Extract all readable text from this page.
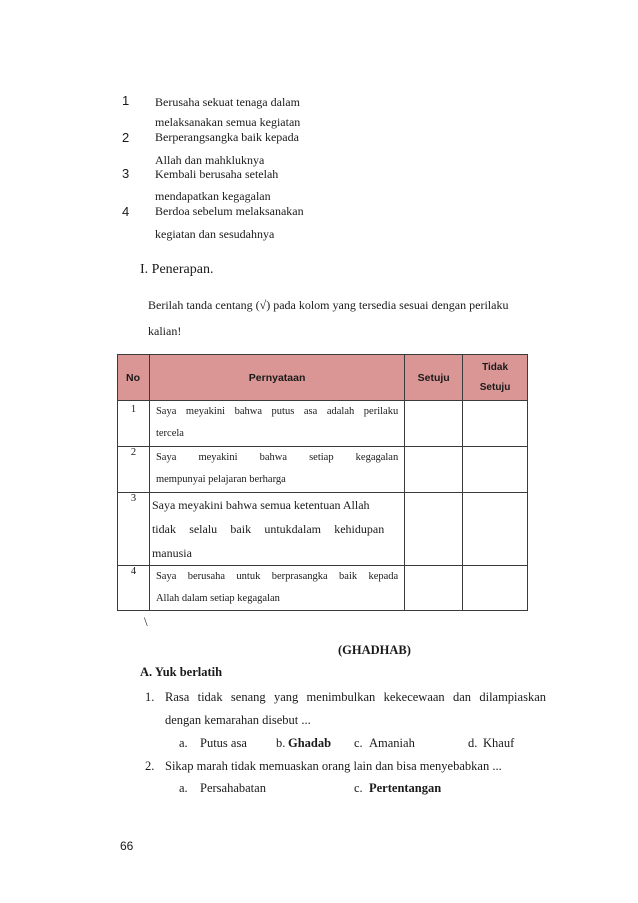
1 Berusaha sekuat tenaga dalam
melaksanakan semua kegiatan
2 Berperangsangka baik kepada
Allah dan mahkluknya
3 Kembali berusaha setelah
mendapatkan kegagalan
4 Berdoa sebelum melaksanakan
kegiatan dan sesudahnya
I. Penerapan.
Berilah tanda centang (√) pada kolom yang tersedia sesuai dengan perilaku
kalian!
No	Pernyataan	Setuju	Tidak
Setuju

1	Saya meyakini bahwa putus asa adalah perilaku
tercela		

2	Saya meyakini bahwa setiap kegagalan
mempunyai pelajaran berharga		

3	Saya meyakini bahwa semua ketentuan Allah
tidak selalu baik untukdalam kehidupan
manusia		

4	Saya berusaha untuk berprasangka baik kepada
Allah dalam setiap kegagalan		

\
(GHADHAB)
A. Yuk berlatih
1. Rasa tidak senang yang menimbulkan kekecewaan dan dilampiaskan
dengan kemarahan disebut ...
a. Putus asa b. Ghadab c. Amaniah	d. Khauf
2. Sikap marah tidak memuaskan orang lain dan bisa menyebabkan ...
a. Persahabatan	c. Pertentangan
66
